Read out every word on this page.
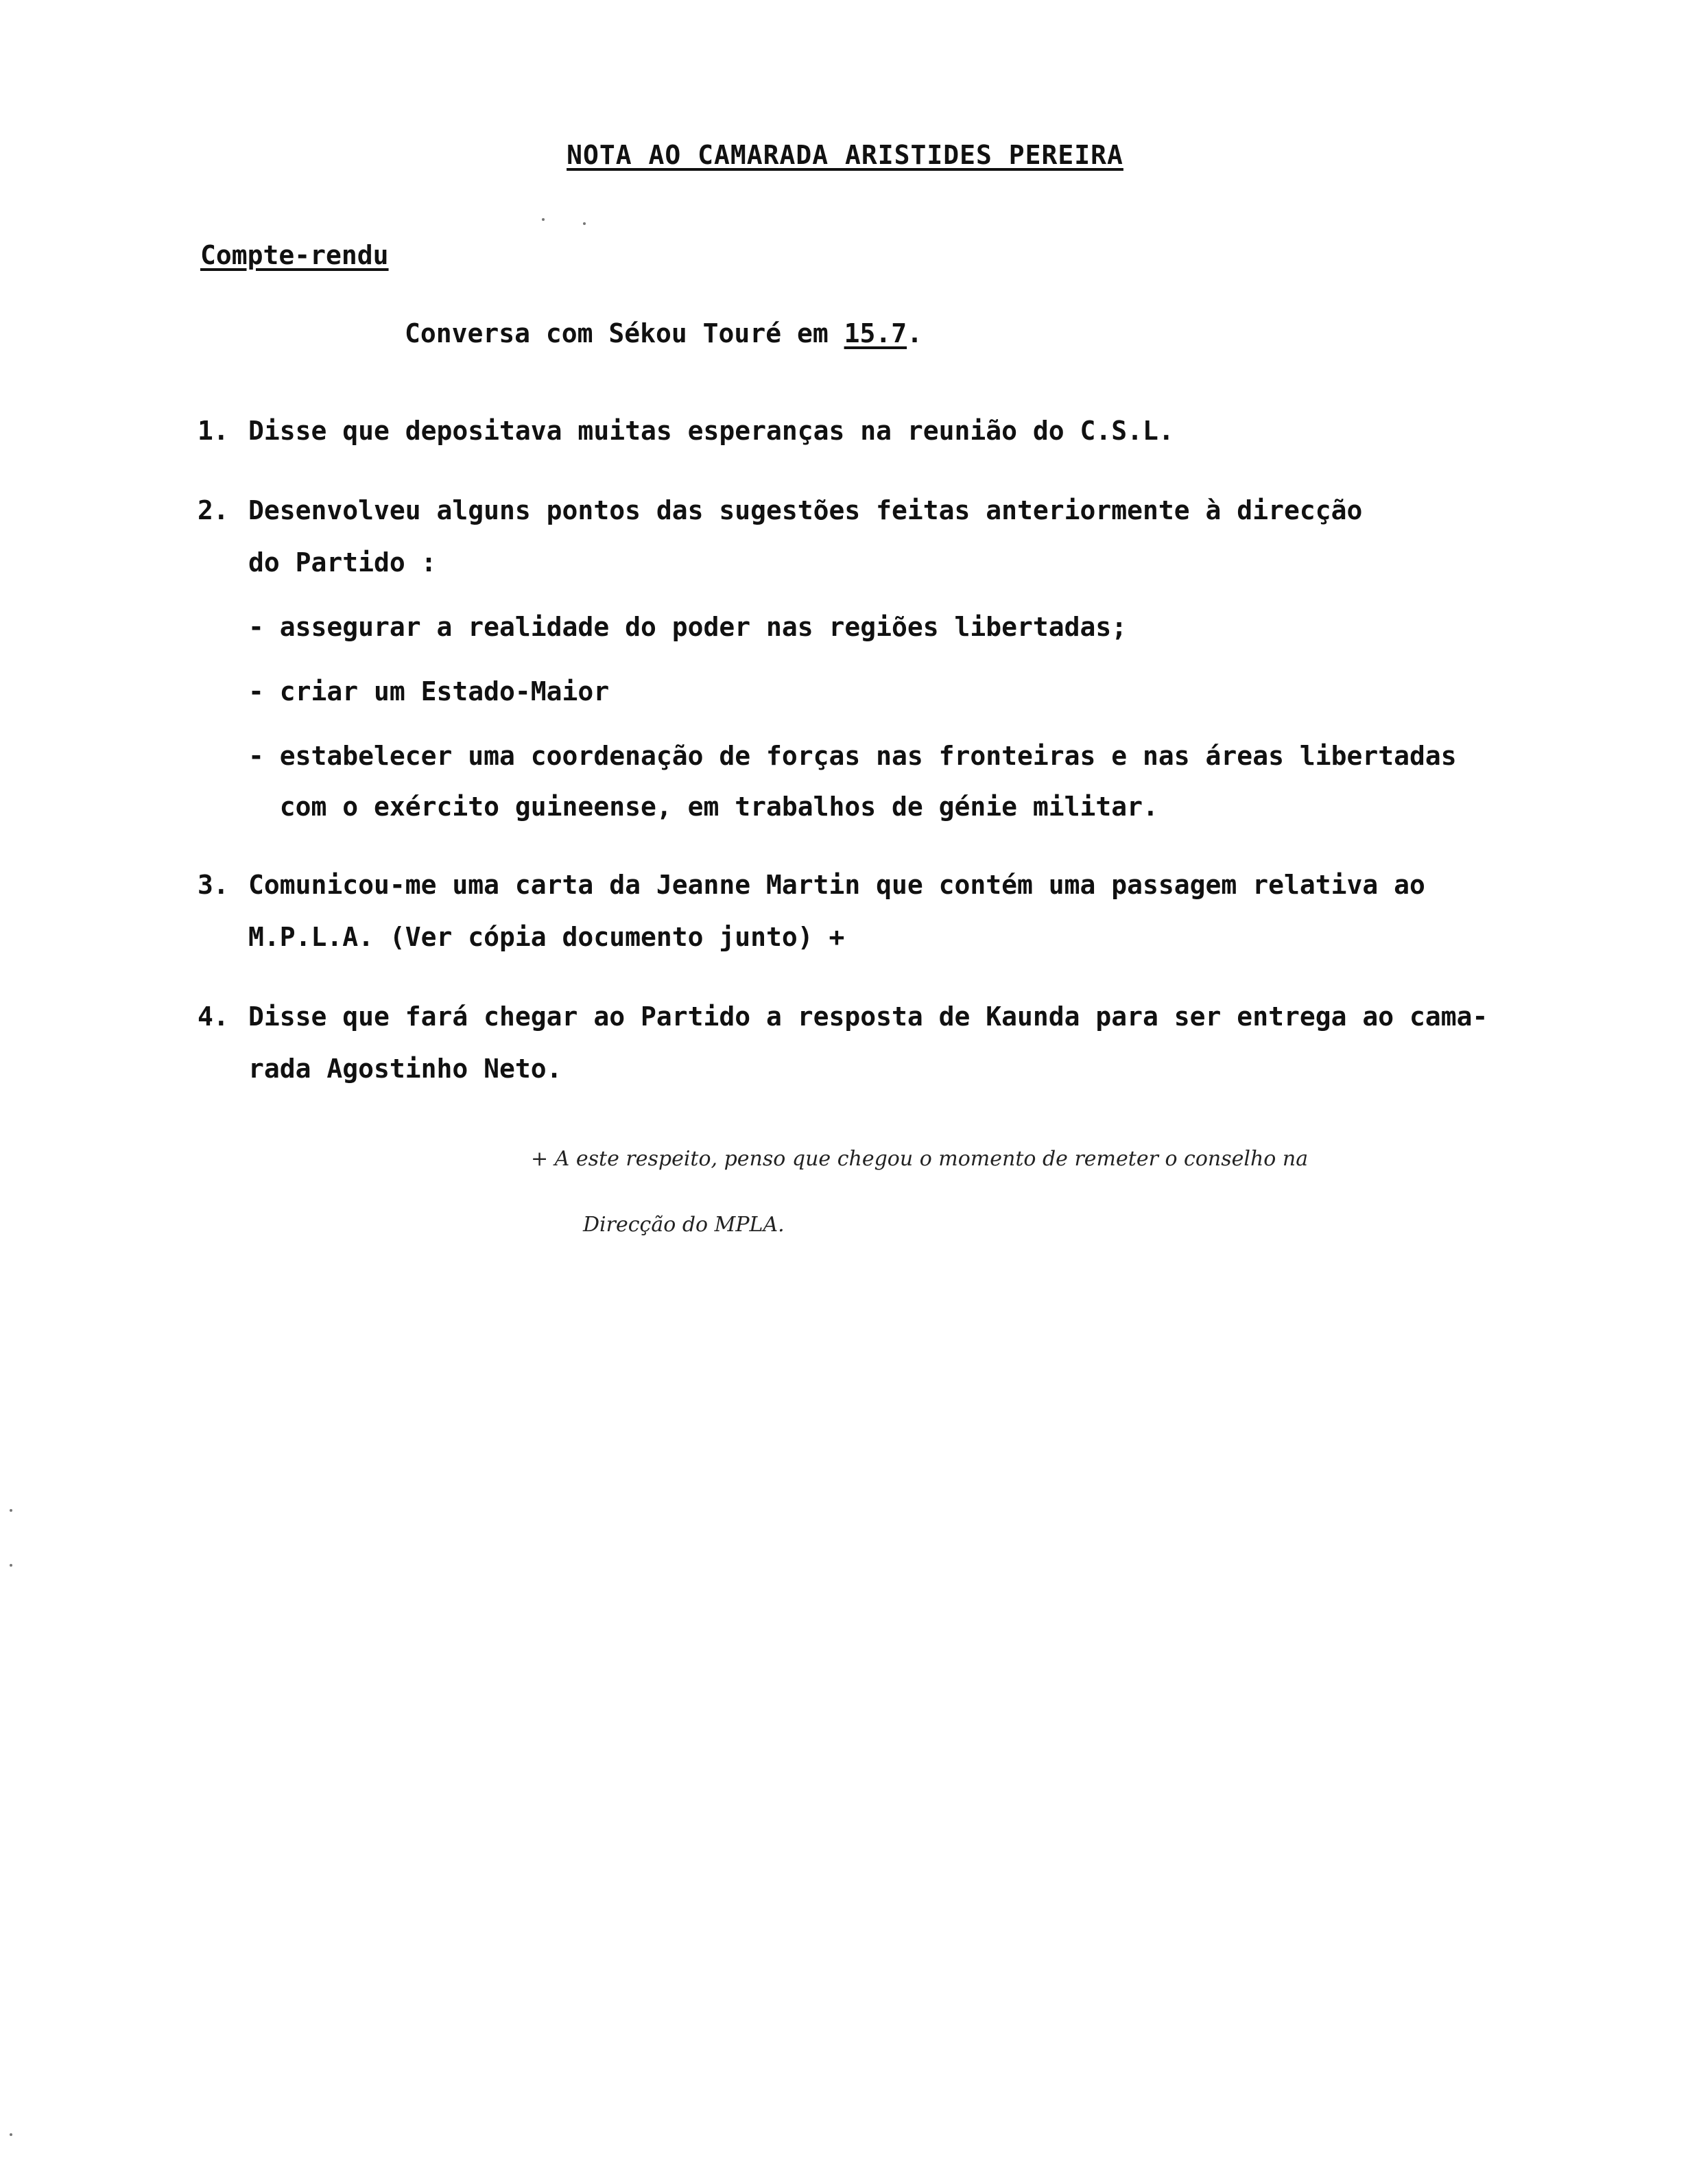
NOTA AO CAMARADA ARISTIDES PEREIRA
Compte-rendu
Conversa com Sékou Touré em 15.7.
1. Disse que depositava muitas esperanças na reunião do C.S.L.
2. Desenvolveu alguns pontos das sugestões feitas anteriormente à direcção
do Partido :
- assegurar a realidade do poder nas regiões libertadas;
- criar um Estado-Maior
- estabelecer uma coordenação de forças nas fronteiras e nas áreas libertadas
com o exército guineense, em trabalhos de génie militar.
3. Comunicou-me uma carta da Jeanne Martin que contém uma passagem relativa ao
M.P.L.A. (Ver cópia documento junto) +
4. Disse que fará chegar ao Partido a resposta de Kaunda para ser entrega ao cama-
rada Agostinho Neto.
+ A este respeito, penso que chegou o momento de remeter o conselho na
Direcção do MPLA.
